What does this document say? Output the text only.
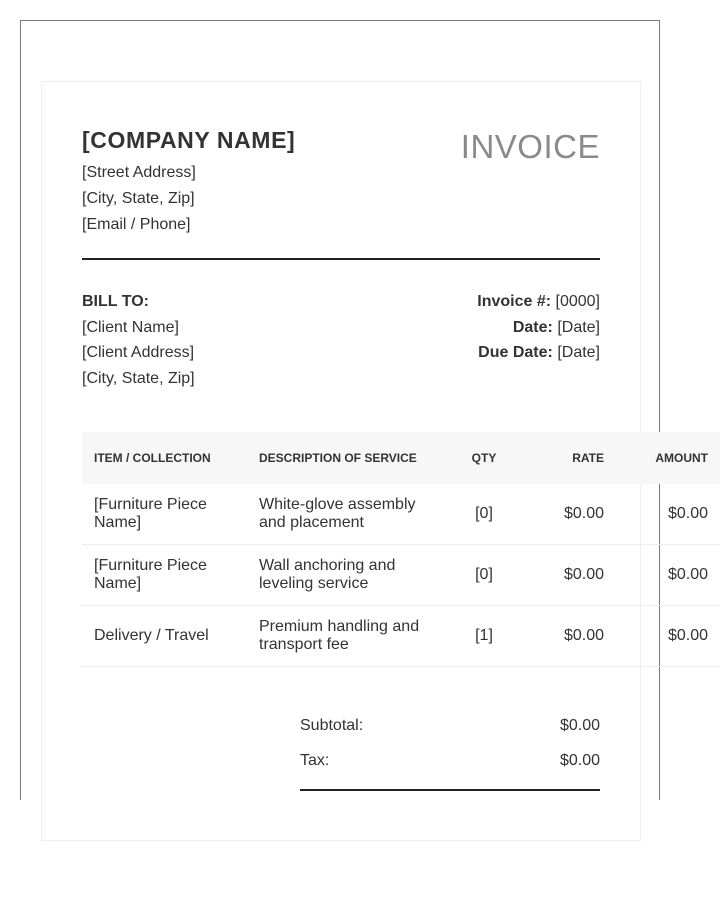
[COMPANY NAME]
[Street Address]
[City, State, Zip]
[Email / Phone]
INVOICE
BILL TO:
[Client Name]
[Client Address]
[City, State, Zip]
Invoice #: [0000]
Date: [Date]
Due Date: [Date]
ITEM / COLLECTION	DESCRIPTION OF SERVICE	QTY	RATE	AMOUNT
[Furniture Piece Name]	White-glove assembly and placement	[0]	$0.00	$0.00
[Furniture Piece Name]	Wall anchoring and leveling service	[0]	$0.00	$0.00
Delivery / Travel	Premium handling and transport fee	[1]	$0.00	$0.00
Subtotal:	$0.00
Tax:	$0.00
